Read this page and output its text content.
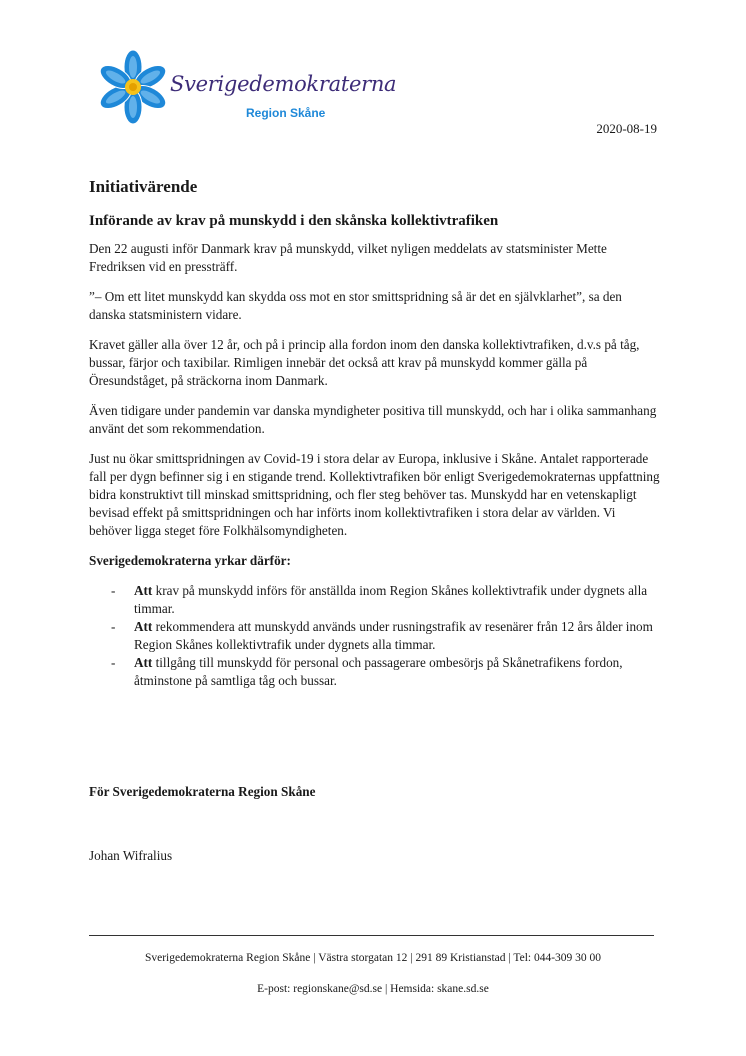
Sverigedemokraterna
Region Skåne
2020-08-19
Initiativärende
Införande av krav på munskydd i den skånska kollektivtrafiken

Den 22 augusti inför Danmark krav på munskydd, vilket nyligen meddelats av statsminister Mette Fredriksen vid en pressträff.

”– Om ett litet munskydd kan skydda oss mot en stor smittspridning så är det en självklarhet”, sa den danska statsministern vidare.

Kravet gäller alla över 12 år, och på i princip alla fordon inom den danska kollektivtrafiken, d.v.s på tåg, bussar, färjor och taxibilar. Rimligen innebär det också att krav på munskydd kommer gälla på Öresundståget, på sträckorna inom Danmark.

Även tidigare under pandemin var danska myndigheter positiva till munskydd, och har i olika sammanhang använt det som rekommendation.

Just nu ökar smittspridningen av Covid-19 i stora delar av Europa, inklusive i Skåne. Antalet rapporterade fall per dygn befinner sig i en stigande trend. Kollektivtrafiken bör enligt Sverigedemokraternas uppfattning bidra konstruktivt till minskad smittspridning, och fler steg behöver tas. Munskydd har en vetenskapligt bevisad effekt på smittspridningen och har införts inom kollektivtrafiken i stora delar av världen. Vi behöver ligga steget före Folkhälsomyndigheten.

Sverigedemokraterna yrkar därför:
- Att krav på munskydd införs för anställda inom Region Skånes kollektivtrafik under dygnets alla timmar.
- Att rekommendera att munskydd används under rusningstrafik av resenärer från 12 års ålder inom Region Skånes kollektivtrafik under dygnets alla timmar.
- Att tillgång till munskydd för personal och passagerare ombesörjs på Skånetrafikens fordon, åtminstone på samtliga tåg och bussar.
För Sverigedemokraterna Region Skåne
Johan Wifralius
Sverigedemokraterna Region Skåne | Västra storgatan 12 | 291 89 Kristianstad | Tel: 044-309 30 00
E-post: regionskane@sd.se | Hemsida: skane.sd.se
